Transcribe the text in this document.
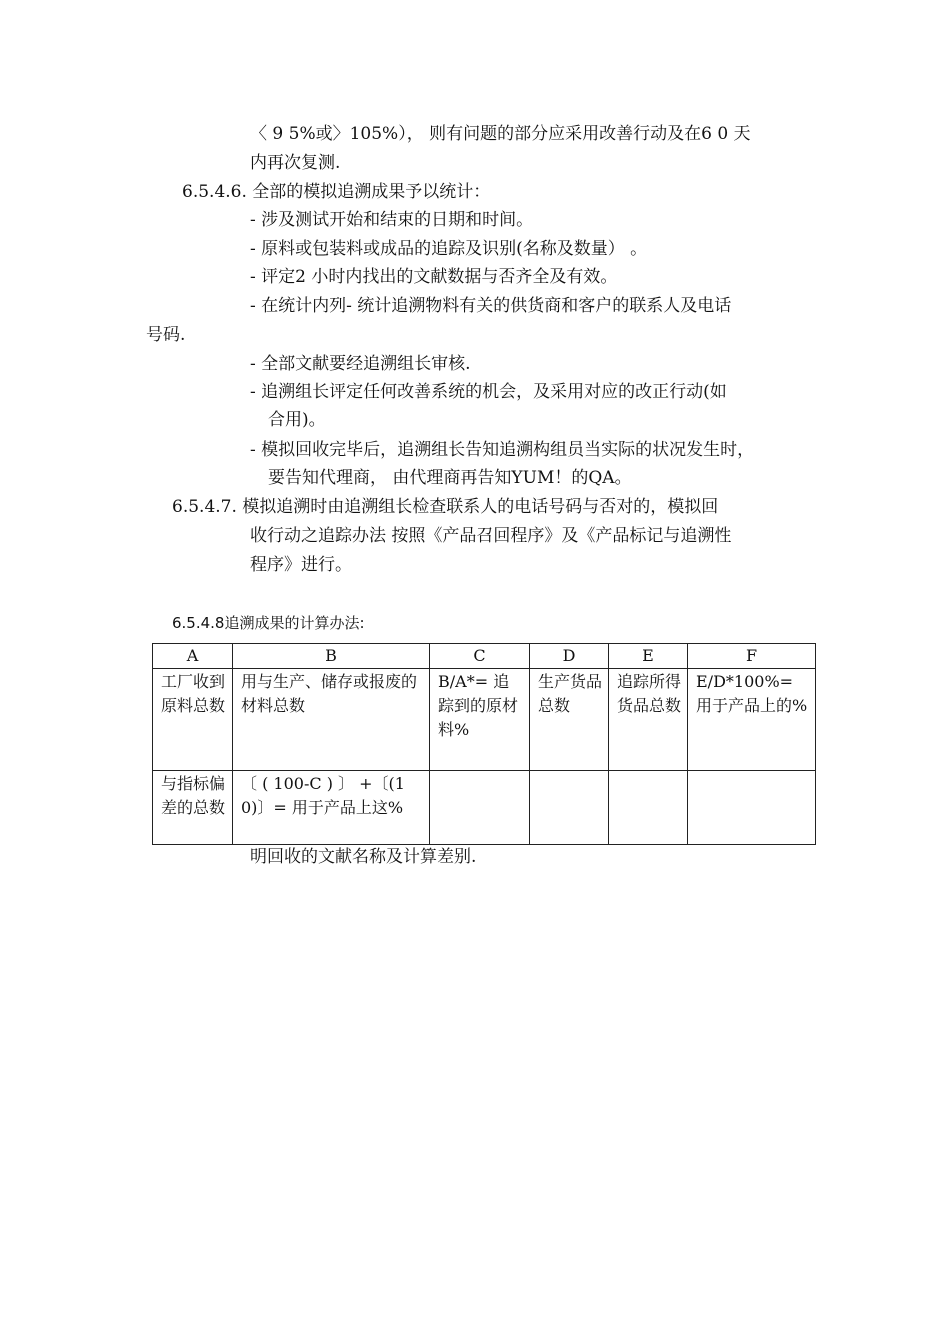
〈 9 5%或〉105%）， 则有问题的部分应采用改善行动及在6 0 天
内再次复测.
6.5.4.6. 全部的模拟追溯成果予以统计：
- 涉及测试开始和结束的日期和时间。
- 原料或包装料或成品的追踪及识别(名称及数量） 。
- 评定2 小时内找出的文献数据与否齐全及有效。
- 在统计内列- 统计追溯物料有关的供货商和客户的联系人及电话
号码.
- 全部文献要经追溯组长审核.
- 追溯组长评定任何改善系统的机会，及采用对应的改正行动(如
合用)。
- 模拟回收完毕后，追溯组长告知追溯构组员当实际的状况发生时，
要告知代理商， 由代理商再告知YUM！的QA。
6.5.4.7. 模拟追溯时由追溯组长检查联系人的电话号码与否对的，模拟回
收行动之追踪办法 按照《产品召回程序》及《产品标记与追溯性
程序》进行。
6.5.4.8追溯成果的计算办法:
A	B	C	D	E	F
工厂收到原料总数	用与生产、储存或报废的材料总数	B/A*= 追踪到的原材料%	生产货品总数	追踪所得货品总数	E/D*100%=用于产品上的%
与指标偏差的总数	〔 ( 100-C ) 〕 +〔(10)〕= 用于产品上这%				
明回收的文献名称及计算差别.
